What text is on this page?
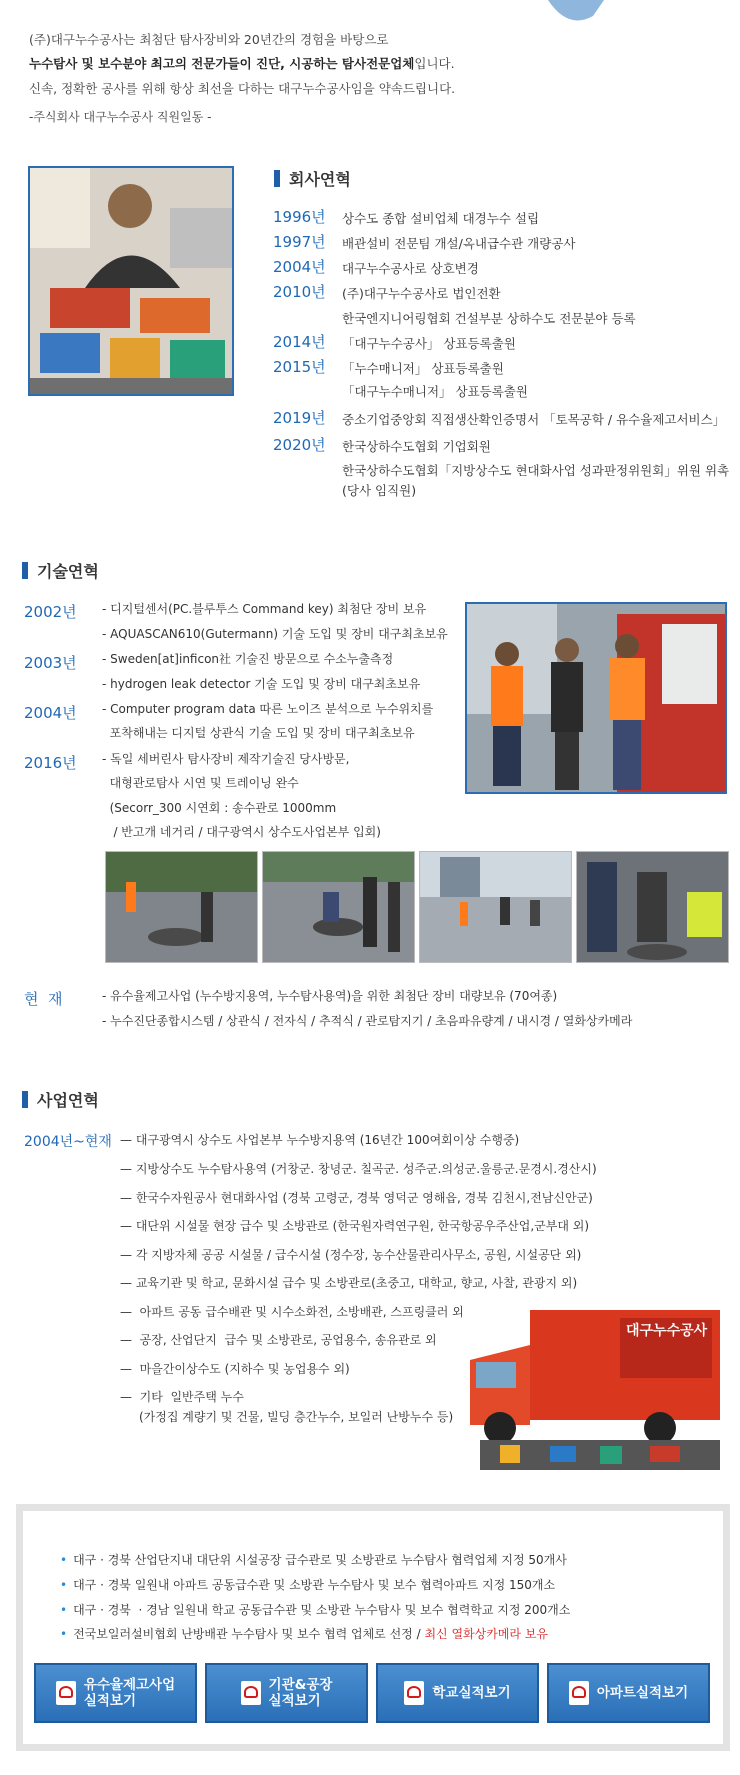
(주)대구누수공사는 최첨단 탐사장비와 20년간의 경험을 바탕으로
누수탐사 및 보수분야 최고의 전문가들이 진단, 시공하는 탐사전문업체입니다.
신속, 정확한 공사를 위해 항상 최선을 다하는 대구누수공사임을 약속드립니다.
-주식회사 대구누수공사 직원일동 -
회사연혁
1996년 상수도 종합 설비업체 대경누수 설립
1997년 배관설비 전문팀 개설/옥내급수관 개량공사
2004년 대구누수공사로 상호변경
2010년 (주)대구누수공사로 법인전환
한국엔지니어링협회 건설부분 상하수도 전문분야 등록
2014년 「대구누수공사」 상표등록출원
2015년 「누수매니저」 상표등록출원
「대구누수매니저」 상표등록출원
2019년 중소기업중앙회 직접생산확인증명서 「토목공학 / 유수율제고서비스」
2020년 한국상하수도협회 기업회원
한국상하수도협회「지방상수도 현대화사업 성과판정위원회」위원 위촉
(당사 임직원)
기술연혁
2002년 - 디지털센서(PC.블루투스 Command key) 최첨단 장비 보유
- AQUASCAN610(Gutermann) 기술 도입 및 장비 대구최초보유
2003년 - Sweden[at]inficon社 기술진 방문으로 수소누출측정
- hydrogen leak detector 기술 도입 및 장비 대구최초보유
2004년 - Computer program data 따른 노이즈 분석으로 누수위치를
포착해내는 디지털 상관식 기술 도입 및 장비 대구최초보유
2016년 - 독일 세버린사 탐사장비 제작기술진 당사방문,
대형관로탐사 시연 및 트레이닝 완수
(Secorr_300 시연회 : 송수관로 1000mm
/ 반고개 네거리 / 대구광역시 상수도사업본부 입회)
현  재	- 유수율제고사업 (누수방지용역, 누수탐사용역)을 위한 최첨단 장비 대량보유 (70여종)
- 누수진단종합시스템 / 상관식 / 전자식 / 추적식 / 관로탐지기 / 초음파유량계 / 내시경 / 열화상카메라
사업연혁
2004년~현재 — 대구광역시 상수도 사업본부 누수방지용역 (16년간 100여회이상 수행중)
— 지방상수도 누수탐사용역 (거창군. 창녕군. 칠곡군. 성주군.의성군.울릉군.문경시.경산시)
— 한국수자원공사 현대화사업 (경북 고령군, 경북 영덕군 영해읍, 경북 김천시,전남신안군)
— 대단위 시설물 현장 급수 및 소방관로 (한국원자력연구원, 한국항공우주산업,군부대 외)
— 각 지방자체 공공 시설물 / 급수시설 (정수장, 농수산물관리사무소, 공원, 시설공단 외)
— 교육기관 및 학교, 문화시설 급수 및 소방관로(초중고, 대학교, 향교, 사찰, 관광지 외)
—  아파트 공동 급수배관 및 시수소화전, 소방배관, 스프링클러 외
—  공장, 산업단지  급수 및 소방관로, 공업용수, 송유관로 외
—  마을간이상수도 (지하수 및 농업용수 외)
—  기타  일반주택 누수
(가정집 계량기 및 건물, 빌딩 층간누수, 보일러 난방누수 등)
대구누수공사
• 대구 · 경북 산업단지내 대단위 시설공장 급수관로 및 소방관로 누수탐사 협력업체 지정 50개사
• 대구 · 경북 일원내 아파트 공동급수관 및 소방관 누수탐사 및 보수 협력아파트 지정 150개소
• 대구 · 경북  · 경남 일원내 학교 공동급수관 및 소방관 누수탐사 및 보수 협력학교 지정 200개소
• 전국보일러설비협회 난방배관 누수탐사 및 보수 협력 업체로 선정 / 최신 열화상카메라 보유
유수율제고사업
실적보기
기관&공장
실적보기	학교실적보기	아파트실적보기
